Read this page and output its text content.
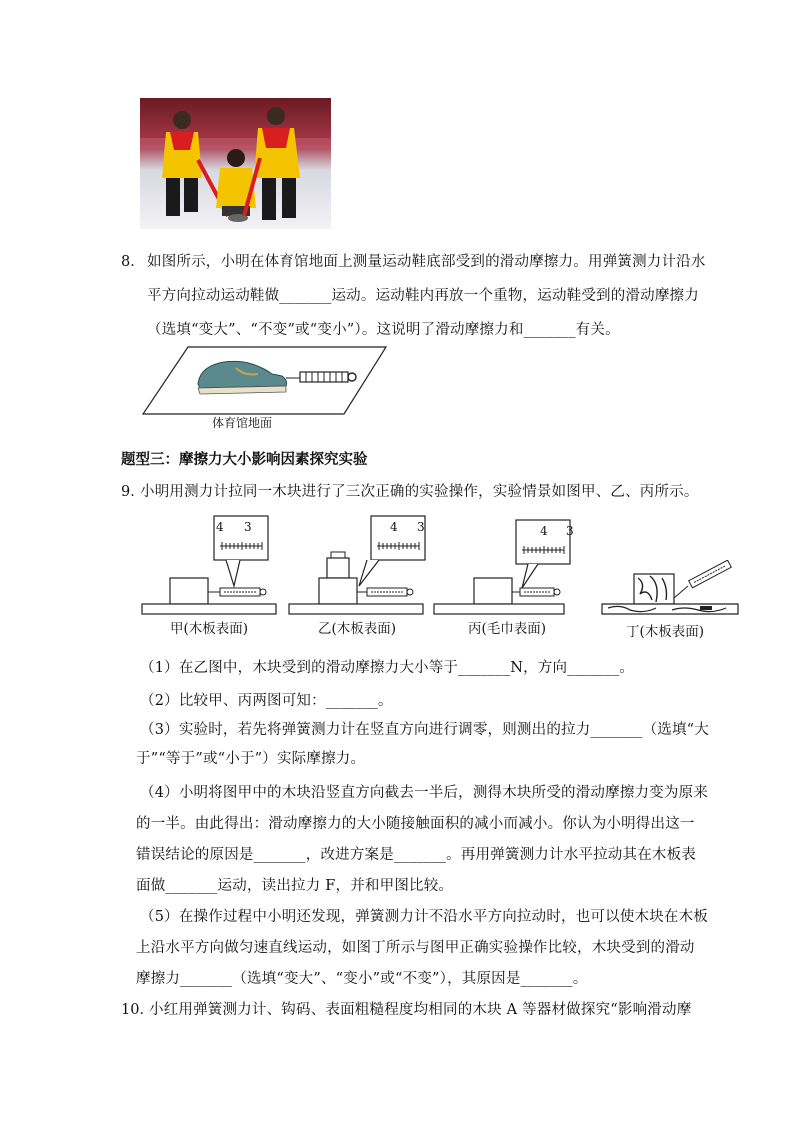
8． 如图所示，小明在体育馆地面上测量运动鞋底部受到的滑动摩擦力。用弹簧测力计沿水
平方向拉动运动鞋做_______运动。运动鞋内再放一个重物，运动鞋受到的滑动摩擦力
（选填“变大”、“不变”或“变小”）。这说明了滑动摩擦力和_______有关。
体育馆地面
题型三：摩擦力大小影响因素探究实验
9．
小明用测力计拉同一木块进行了三次正确的实验操作，实验情景如图甲、乙、丙所示。
4 3
甲(木板表面)
4 3
乙(木板表面)
4 3
丙(毛巾表面)	丁(木板表面)
（1）在乙图中，木块受到的滑动摩擦力大小等于_______N，方向_______。
（2）比较甲、丙两图可知：_______。
（3）实验时，若先将弹簧测力计在竖直方向进行调零，则测出的拉力_______（选填“大
于”“等于”或“小于”）实际摩擦力。
（4）小明将图甲中的木块沿竖直方向截去一半后，测得木块所受的滑动摩擦力变为原来
的一半。由此得出：滑动摩擦力的大小随接触面积的减小而减小。你认为小明得出这一
错误结论的原因是_______，改进方案是_______。再用弹簧测力计水平拉动其在木板表
面做_______运动，读出拉力 F，并和甲图比较。
（5）在操作过程中小明还发现，弹簧测力计不沿水平方向拉动时，也可以使木块在木板
上沿水平方向做匀速直线运动，如图丁所示与图甲正确实验操作比较，木块受到的滑动
摩擦力_______（选填“变大”、“变小”或“不变”），其原因是_______。
10．
小红用弹簧测力计、钩码、表面粗糙程度均相同的木块 A 等器材做探究“影响滑动摩
